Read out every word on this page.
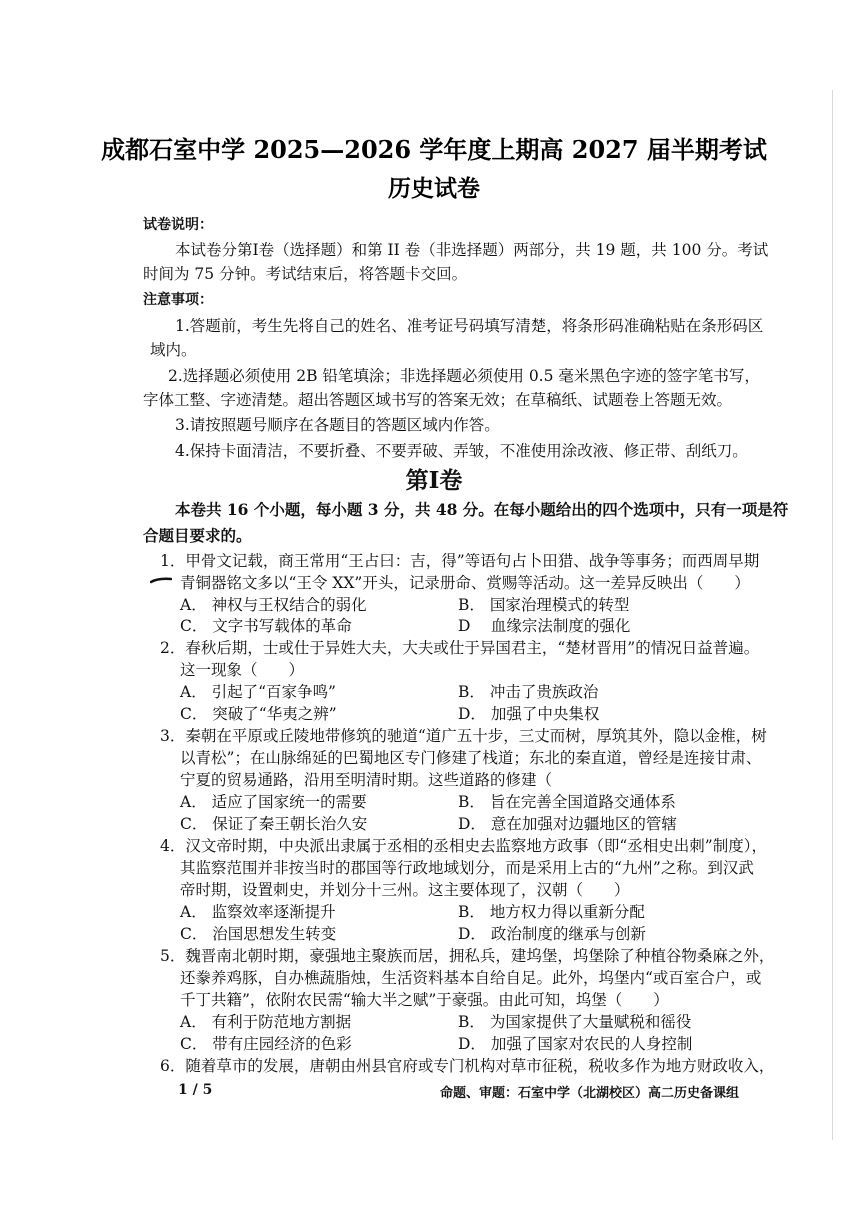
成都石室中学 2025—2026 学年度上期高 2027 届半期考试
历史试卷
试卷说明：
本试卷分第Ⅰ卷（选择题）和第 II 卷（非选择题）两部分，共 19 题，共 100 分。考试
时间为 75 分钟。考试结束后，将答题卡交回。
注意事项：
1.答题前，考生先将自己的姓名、准考证号码填写清楚，将条形码准确粘贴在条形码区
域内。
2.选择题必须使用 2B 铅笔填涂；非选择题必须使用 0.5 毫米黑色字迹的签字笔书写，
字体工整、字迹清楚。超出答题区域书写的答案无效；在草稿纸、试题卷上答题无效。
3.请按照题号顺序在各题目的答题区域内作答。
4.保持卡面清洁，不要折叠、不要弄破、弄皱，不准使用涂改液、修正带、刮纸刀。
第Ⅰ卷
本卷共 16 个小题，每小题 3 分，共 48 分。在每小题给出的四个选项中，只有一项是符
合题目要求的。
1．甲骨文记载，商王常用“王占曰：吉，得”等语句占卜田猎、战争等事务；而西周早期
青铜器铭文多以“王令 XX”开头，记录册命、赏赐等活动。这一差异反映出（　　）
A． 神权与王权结合的弱化	B． 国家治理模式的转型
C． 文字书写载体的革命	D　 血缘宗法制度的强化
2．春秋后期，士或仕于异姓大夫，大夫或仕于异国君主，“楚材晋用”的情况日益普遍。
这一现象（　　）
A． 引起了“百家争鸣”	B． 冲击了贵族政治
C． 突破了“华夷之辨”	D． 加强了中央集权
3．秦朝在平原或丘陵地带修筑的驰道“道广五十步，三丈而树，厚筑其外，隐以金椎，树
以青松”；在山脉绵延的巴蜀地区专门修建了栈道；东北的秦直道，曾经是连接甘肃、
宁夏的贸易通路，沿用至明清时期。这些道路的修建（
A． 适应了国家统一的需要	B． 旨在完善全国道路交通体系
C． 保证了秦王朝长治久安	D． 意在加强对边疆地区的管辖
4．汉文帝时期，中央派出隶属于丞相的丞相史去监察地方政事（即“丞相史出刺”制度），
其监察范围并非按当时的郡国等行政地域划分，而是采用上古的“九州”之称。到汉武
帝时期，设置刺史，并划分十三州。这主要体现了，汉朝（　　）
A． 监察效率逐渐提升	B． 地方权力得以重新分配
C． 治国思想发生转变	D． 政治制度的继承与创新
5．魏晋南北朝时期，豪强地主聚族而居，拥私兵，建坞堡，坞堡除了种植谷物桑麻之外，
还豢养鸡豚，自办樵蔬脂烛，生活资料基本自给自足。此外，坞堡内“或百室合户，或
千丁共籍”，依附农民需“输大半之赋”于豪强。由此可知，坞堡（　　）
A． 有利于防范地方割据	B． 为国家提供了大量赋税和徭役
C． 带有庄园经济的色彩	D． 加强了国家对农民的人身控制
6．随着草市的发展，唐朝由州县官府或专门机构对草市征税，税收多作为地方财政收入，
1 / 5	命题、审题：石室中学（北湖校区）高二历史备课组
